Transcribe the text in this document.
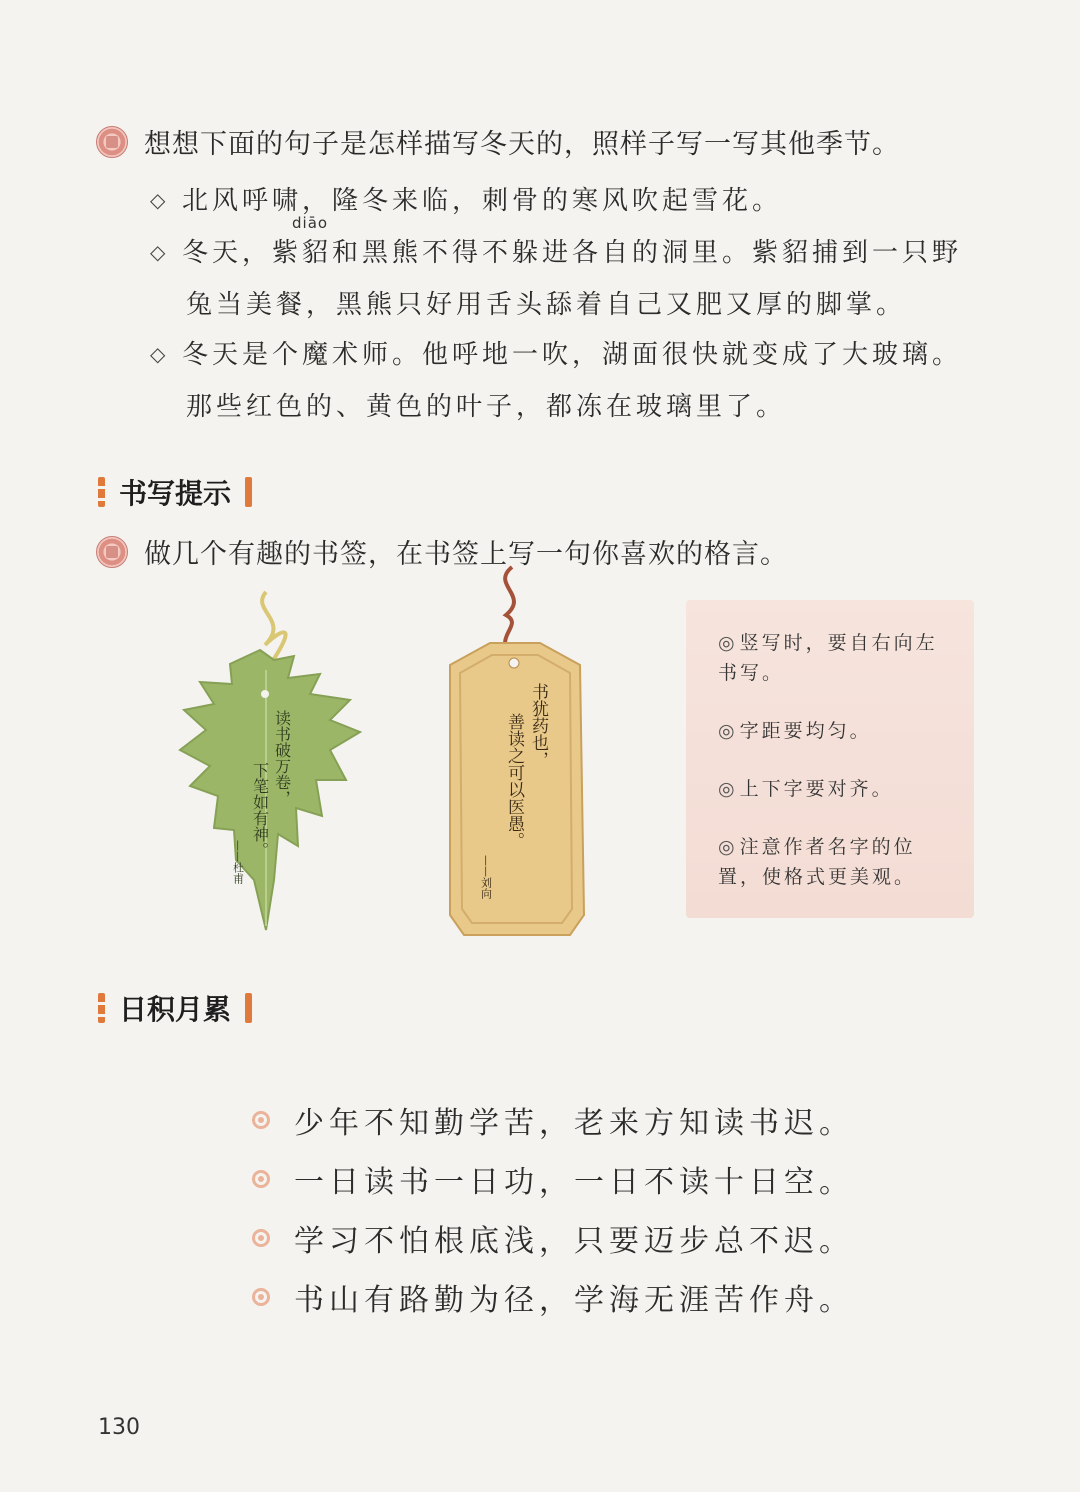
想想下面的句子是怎样描写冬天的，照样子写一写其他季节。
diāo
◇ 北风呼啸，隆冬来临，刺骨的寒风吹起雪花。
◇ 冬天，紫貂和黑熊不得不躲进各自的洞里。紫貂捕到一只野
兔当美餐，黑熊只好用舌头舔着自己又肥又厚的脚掌。
◇ 冬天是个魔术师。他呼地一吹，湖面很快就变成了大玻璃。
那些红色的、黄色的叶子，都冻在玻璃里了。
书写提示
做几个有趣的书签，在书签上写一句你喜欢的格言。
读书破万卷，
下笔如有神。
——杜甫
书犹药也，
善读之可以医愚。
——刘向
◎ 竖写时，要自右向左书写。
◎ 字距要均匀。
◎ 上下字要对齐。
◎ 注意作者名字的位置，使格式更美观。
日积月累
少年不知勤学苦，老来方知读书迟。
一日读书一日功，一日不读十日空。
学习不怕根底浅，只要迈步总不迟。
书山有路勤为径，学海无涯苦作舟。
130
